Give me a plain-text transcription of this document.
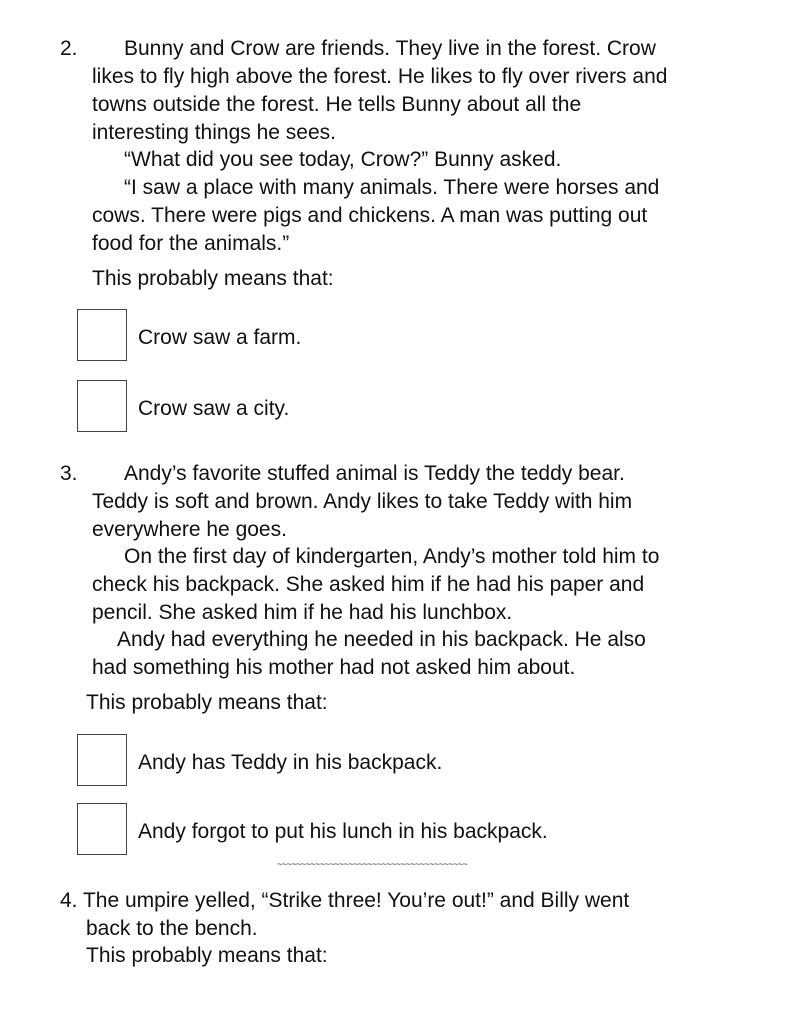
2. Bunny and Crow are friends. They live in the forest. Crow
likes to fly high above the forest. He likes to fly over rivers and
towns outside the forest. He tells Bunny about all the
interesting things he sees.
“What did you see today, Crow?” Bunny asked.
“I saw a place with many animals. There were horses and
cows. There were pigs and chickens. A man was putting out
food for the animals.”
This probably means that:
Crow saw a farm.
Crow saw a city.
3. Andy’s favorite stuffed animal is Teddy the teddy bear.
Teddy is soft and brown. Andy likes to take Teddy with him
everywhere he goes.
On the first day of kindergarten, Andy’s mother told him to
check his backpack. She asked him if he had his paper and
pencil. She asked him if he had his lunchbox.
Andy had everything he needed in his backpack. He also
had something his mother had not asked him about.
This probably means that:
Andy has Teddy in his backpack.
Andy forgot to put his lunch in his backpack.
~~~~~~~~~~~~~~~~~~~~~~~~~~~~~~~~~~~~~~~~
4. The umpire yelled, “Strike three! You’re out!” and Billy went
back to the bench.
This probably means that:
